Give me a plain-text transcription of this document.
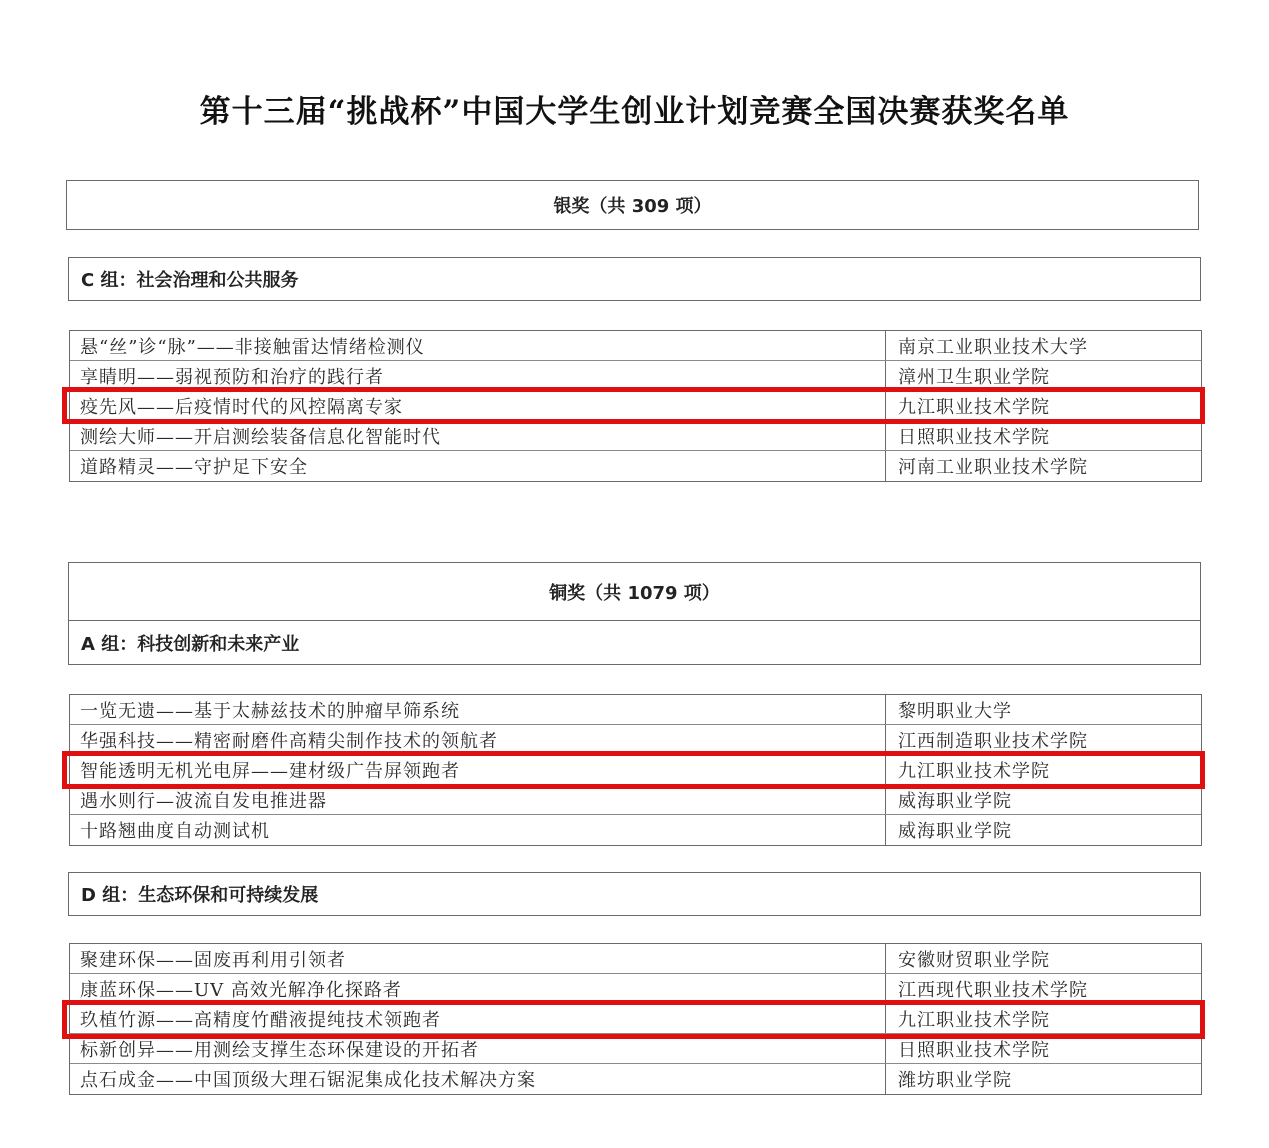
第十三届“挑战杯”中国大学生创业计划竞赛全国决赛获奖名单
银奖（共 309 项）
C 组：社会治理和公共服务
悬“丝”诊“脉”——非接触雷达情绪检测仪	南京工业职业技术大学
享睛明——弱视预防和治疗的践行者	漳州卫生职业学院
疫先风——后疫情时代的风控隔离专家	九江职业技术学院
测绘大师——开启测绘装备信息化智能时代	日照职业技术学院
道路精灵——守护足下安全	河南工业职业技术学院
铜奖（共 1079 项）
A 组：科技创新和未来产业
一览无遗——基于太赫兹技术的肿瘤早筛系统	黎明职业大学
华强科技——精密耐磨件高精尖制作技术的领航者	江西制造职业技术学院
智能透明无机光电屏——建材级广告屏领跑者	九江职业技术学院
遇水则行—波流自发电推进器	威海职业学院
十路翘曲度自动测试机	威海职业学院
D 组：生态环保和可持续发展
聚建环保——固废再利用引领者	安徽财贸职业学院
康蓝环保——UV 高效光解净化探路者	江西现代职业技术学院
玖植竹源——高精度竹醋液提纯技术领跑者	九江职业技术学院
标新创异——用测绘支撑生态环保建设的开拓者	日照职业技术学院
点石成金——中国顶级大理石锯泥集成化技术解决方案	潍坊职业学院
